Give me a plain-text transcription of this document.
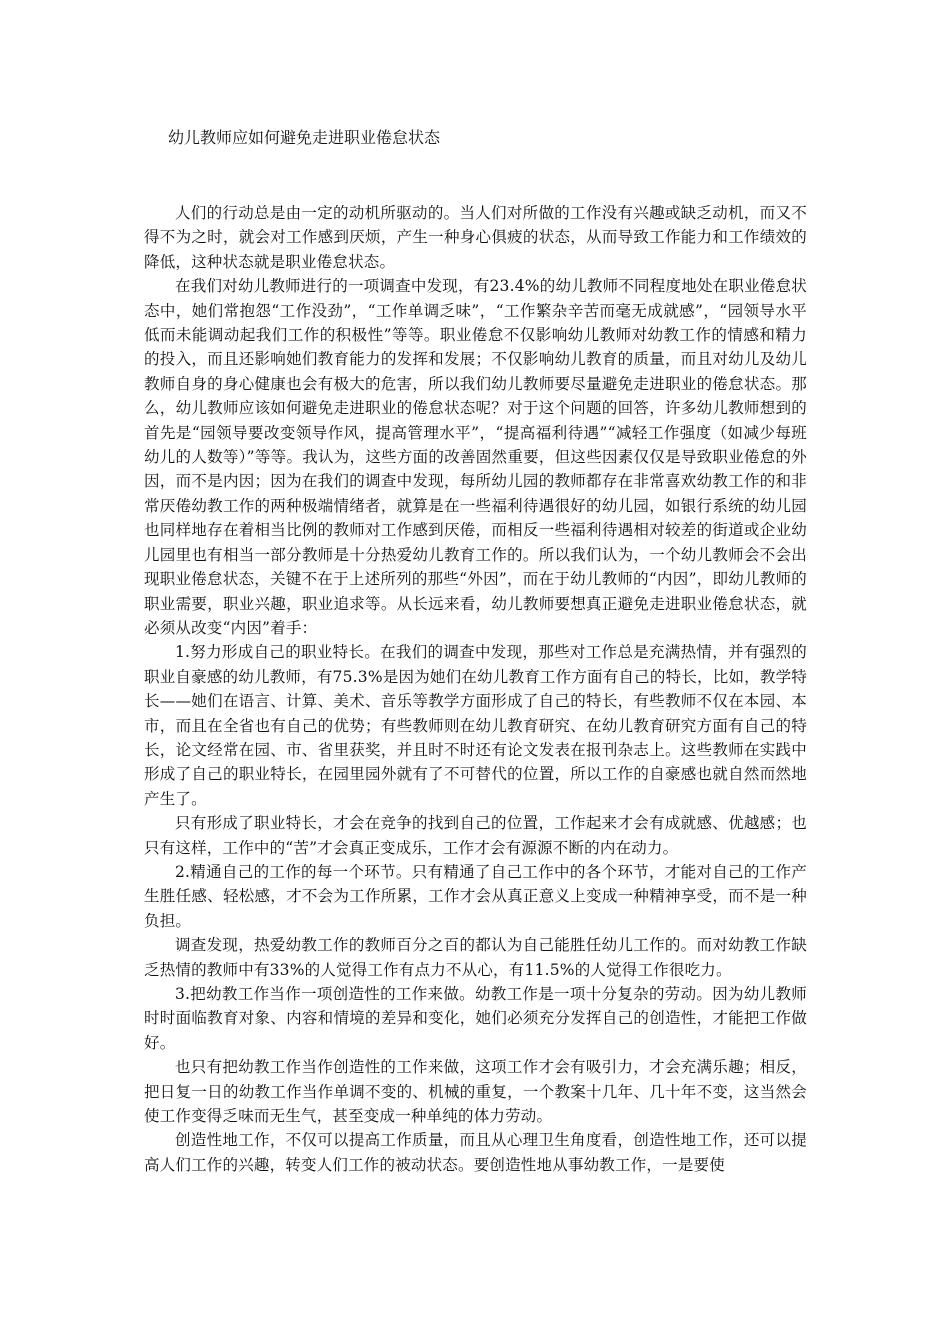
幼儿教师应如何避免走进职业倦怠状态

人们的行动总是由一定的动机所驱动的。当人们对所做的工作没有兴趣或缺乏动机，而又不得不为之时，就会对工作感到厌烦，产生一种身心俱疲的状态，从而导致工作能力和工作绩效的降低，这种状态就是职业倦怠状态。

在我们对幼儿教师进行的一项调查中发现，有23.4%的幼儿教师不同程度地处在职业倦怠状态中，她们常抱怨“工作没劲”，“工作单调乏味”，“工作繁杂辛苦而毫无成就感”，“园领导水平低而未能调动起我们工作的积极性”等等。职业倦怠不仅影响幼儿教师对幼教工作的情感和精力的投入，而且还影响她们教育能力的发挥和发展；不仅影响幼儿教育的质量，而且对幼儿及幼儿教师自身的身心健康也会有极大的危害，所以我们幼儿教师要尽量避免走进职业的倦怠状态。那么，幼儿教师应该如何避免走进职业的倦怠状态呢？对于这个问题的回答，许多幼儿教师想到的首先是“园领导要改变领导作风，提高管理水平”，“提高福利待遇”“减轻工作强度（如减少每班幼儿的人数等）”等等。我认为，这些方面的改善固然重要，但这些因素仅仅是导致职业倦怠的外因，而不是内因；因为在我们的调查中发现，每所幼儿园的教师都存在非常喜欢幼教工作的和非常厌倦幼教工作的两种极端情绪者，就算是在一些福利待遇很好的幼儿园，如银行系统的幼儿园也同样地存在着相当比例的教师对工作感到厌倦，而相反一些福利待遇相对较差的街道或企业幼儿园里也有相当一部分教师是十分热爱幼儿教育工作的。所以我们认为，一个幼儿教师会不会出现职业倦怠状态，关键不在于上述所列的那些“外因”，而在于幼儿教师的“内因”，即幼儿教师的职业需要，职业兴趣，职业追求等。从长远来看，幼儿教师要想真正避免走进职业倦怠状态，就必须从改变“内因”着手：

1.努力形成自己的职业特长。在我们的调查中发现，那些对工作总是充满热情，并有强烈的职业自豪感的幼儿教师，有75.3%是因为她们在幼儿教育工作方面有自己的特长，比如，教学特长——她们在语言、计算、美术、音乐等教学方面形成了自己的特长，有些教师不仅在本园、本市，而且在全省也有自己的优势；有些教师则在幼儿教育研究、在幼儿教育研究方面有自己的特长，论文经常在园、市、省里获奖，并且时不时还有论文发表在报刊杂志上。这些教师在实践中形成了自己的职业特长，在园里园外就有了不可替代的位置，所以工作的自豪感也就自然而然地产生了。

只有形成了职业特长，才会在竞争的找到自己的位置，工作起来才会有成就感、优越感；也只有这样，工作中的“苦”才会真正变成乐，工作才会有源源不断的内在动力。

2.精通自己的工作的每一个环节。只有精通了自己工作中的各个环节，才能对自己的工作产生胜任感、轻松感，才不会为工作所累，工作才会从真正意义上变成一种精神享受，而不是一种负担。

调查发现，热爱幼教工作的教师百分之百的都认为自己能胜任幼儿工作的。而对幼教工作缺乏热情的教师中有33%的人觉得工作有点力不从心，有11.5%的人觉得工作很吃力。

3.把幼教工作当作一项创造性的工作来做。幼教工作是一项十分复杂的劳动。因为幼儿教师时时面临教育对象、内容和情境的差异和变化，她们必须充分发挥自己的创造性，才能把工作做好。

也只有把幼教工作当作创造性的工作来做，这项工作才会有吸引力，才会充满乐趣；相反，把日复一日的幼教工作当作单调不变的、机械的重复，一个教案十几年、几十年不变，这当然会使工作变得乏味而无生气，甚至变成一种单纯的体力劳动。

创造性地工作，不仅可以提高工作质量，而且从心理卫生角度看，创造性地工作，还可以提高人们工作的兴趣，转变人们工作的被动状态。要创造性地从事幼教工作，一是要使
